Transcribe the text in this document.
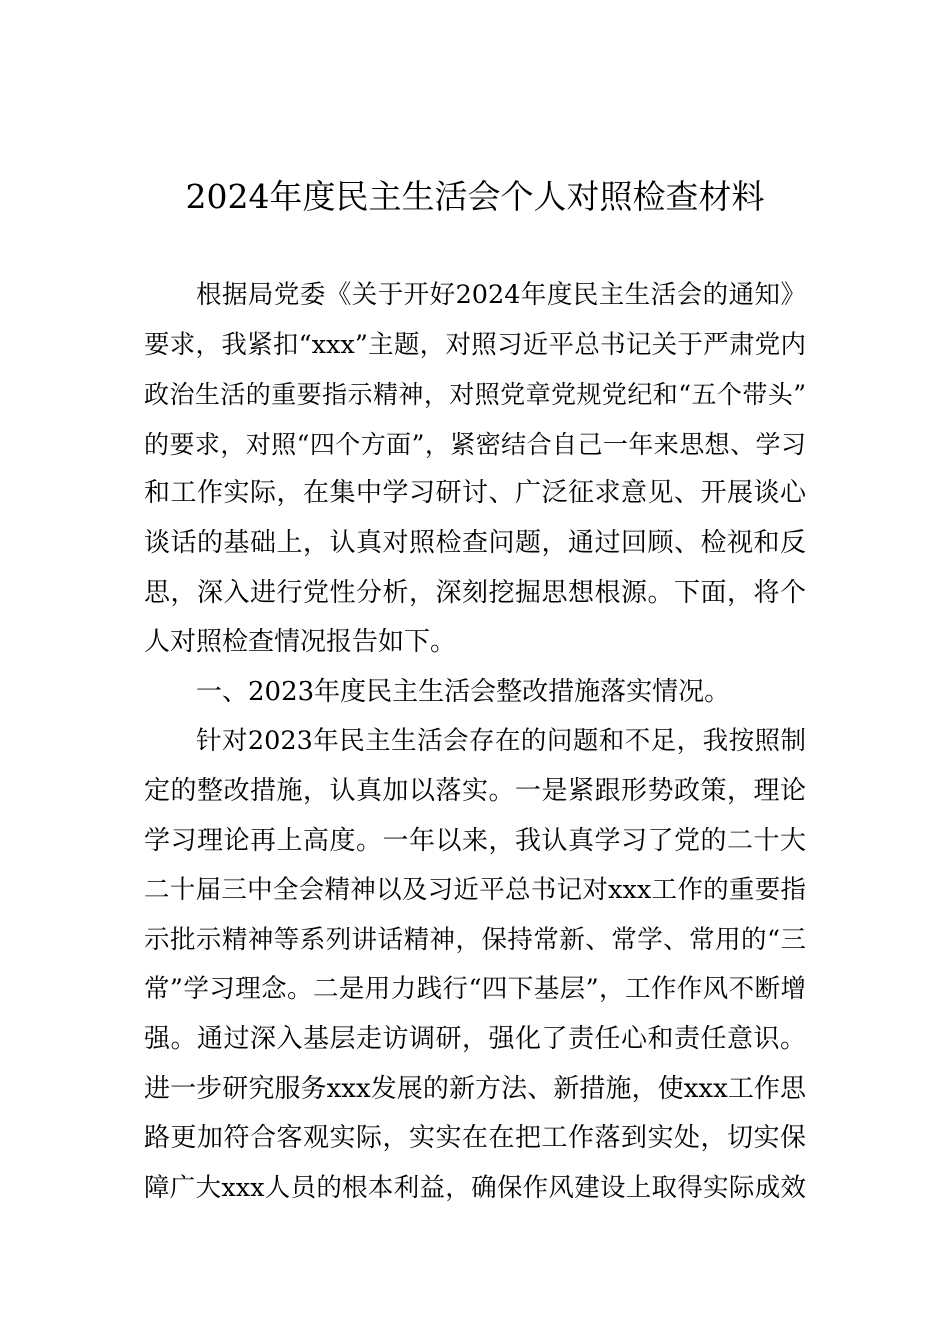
2024年度民主生活会个人对照检查材料
根据局党委《关于开好2024年度民主生活会的通知》
要求，我紧扣“xxx”主题，对照习近平总书记关于严肃党内
政治生活的重要指示精神，对照党章党规党纪和“五个带头”
的要求，对照“四个方面”，紧密结合自己一年来思想、学习
和工作实际，在集中学习研讨、广泛征求意见、开展谈心
谈话的基础上，认真对照检查问题，通过回顾、检视和反
思，深入进行党性分析，深刻挖掘思想根源。下面，将个
人对照检查情况报告如下。
一、2023年度民主生活会整改措施落实情况。
针对2023年民主生活会存在的问题和不足，我按照制
定的整改措施，认真加以落实。一是紧跟形势政策，理论
学习理论再上高度。一年以来，我认真学习了党的二十大
二十届三中全会精神以及习近平总书记对xxx工作的重要指
示批示精神等系列讲话精神，保持常新、常学、常用的“三
常”学习理念。二是用力践行“四下基层”，工作作风不断增
强。通过深入基层走访调研，强化了责任心和责任意识。
进一步研究服务xxx发展的新方法、新措施，使xxx工作思
路更加符合客观实际，实实在在把工作落到实处，切实保
障广大xxx人员的根本利益，确保作风建设上取得实际成效
